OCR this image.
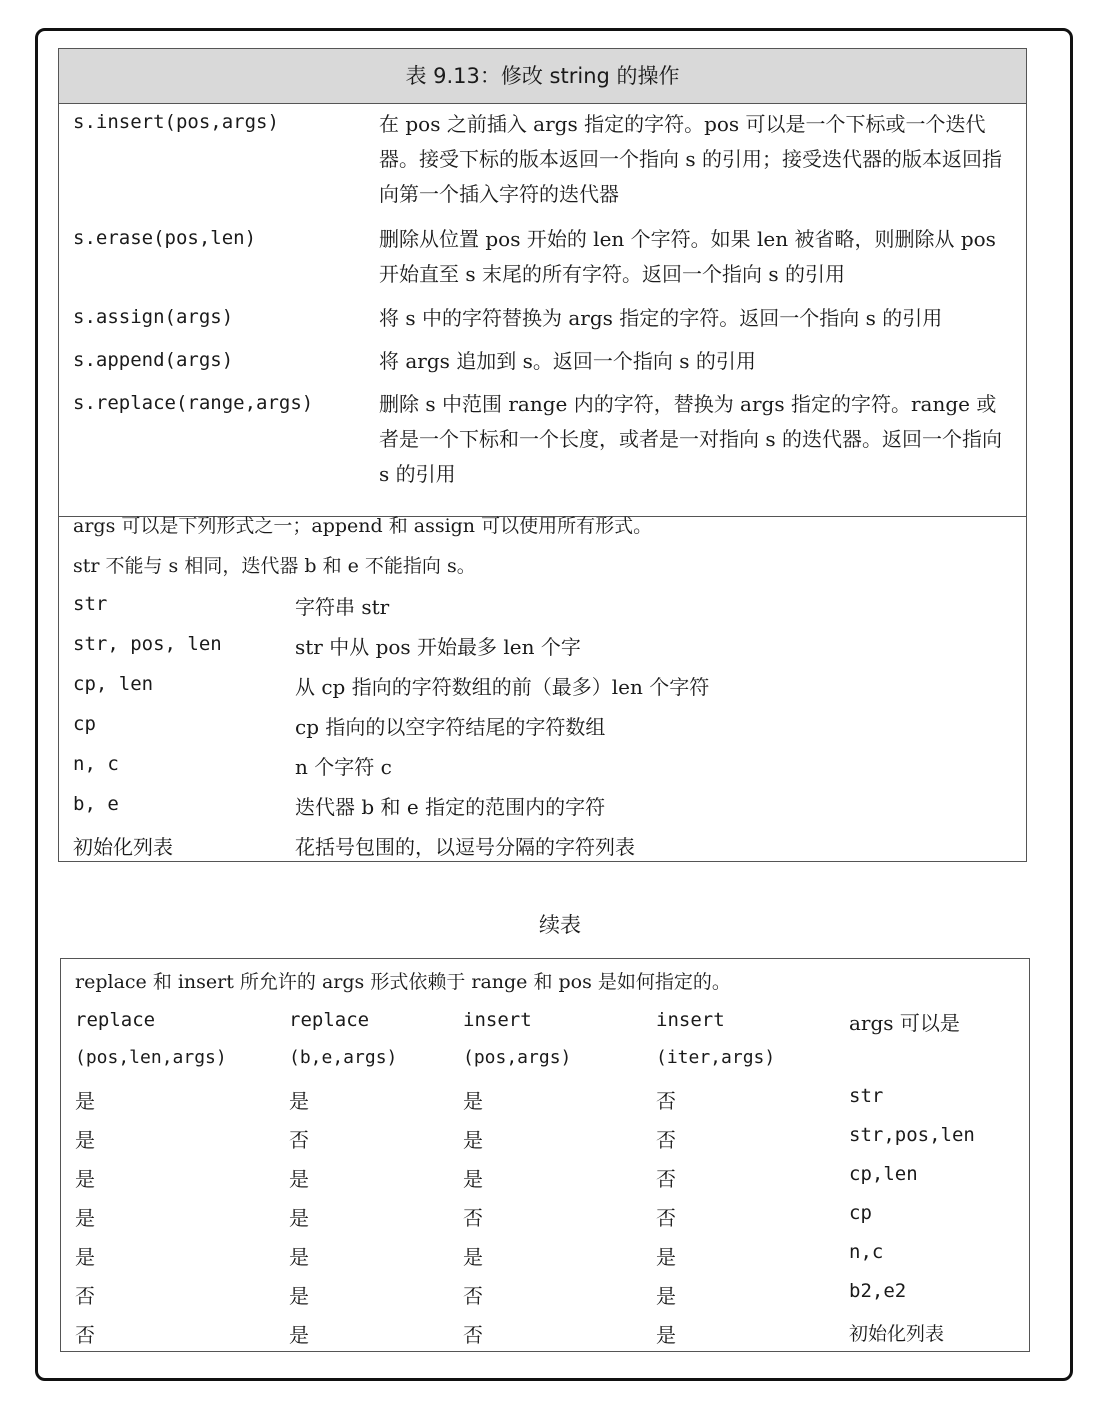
表 9.13：修改 string 的操作
s.insert(pos,args)	在 pos 之前插入 args 指定的字符。pos 可以是一个下标或一个迭代器。接受下标的版本返回一个指向 s 的引用；接受迭代器的版本返回指向第一个插入字符的迭代器
s.erase(pos,len)	删除从位置 pos 开始的 len 个字符。如果 len 被省略，则删除从 pos 开始直至 s 末尾的所有字符。返回一个指向 s 的引用
s.assign(args)	将 s 中的字符替换为 args 指定的字符。返回一个指向 s 的引用
s.append(args)	将 args 追加到 s。返回一个指向 s 的引用
s.replace(range,args)	删除 s 中范围 range 内的字符，替换为 args 指定的字符。range 或者是一个下标和一个长度，或者是一对指向 s 的迭代器。返回一个指向 s 的引用
args 可以是下列形式之一；append 和 assign 可以使用所有形式。
str 不能与 s 相同，迭代器 b 和 e 不能指向 s。
str	字符串 str
str, pos, len	str 中从 pos 开始最多 len 个字
cp, len	从 cp 指向的字符数组的前（最多）len 个字符
cp	cp 指向的以空字符结尾的字符数组
n, c	n 个字符 c
b, e	迭代器 b 和 e 指定的范围内的字符
初始化列表	花括号包围的，以逗号分隔的字符列表
续表
replace 和 insert 所允许的 args 形式依赖于 range 和 pos 是如何指定的。
replace	replace	insert	insert	args 可以是
(pos,len,args)	(b,e,args)	(pos,args)	(iter,args)
是	是	是	否	str
是	否	是	否	str,pos,len
是	是	是	否	cp,len
是	是	否	否	cp
是	是	是	是	n,c
否	是	否	是	b2,e2
否	是	否	是	初始化列表
